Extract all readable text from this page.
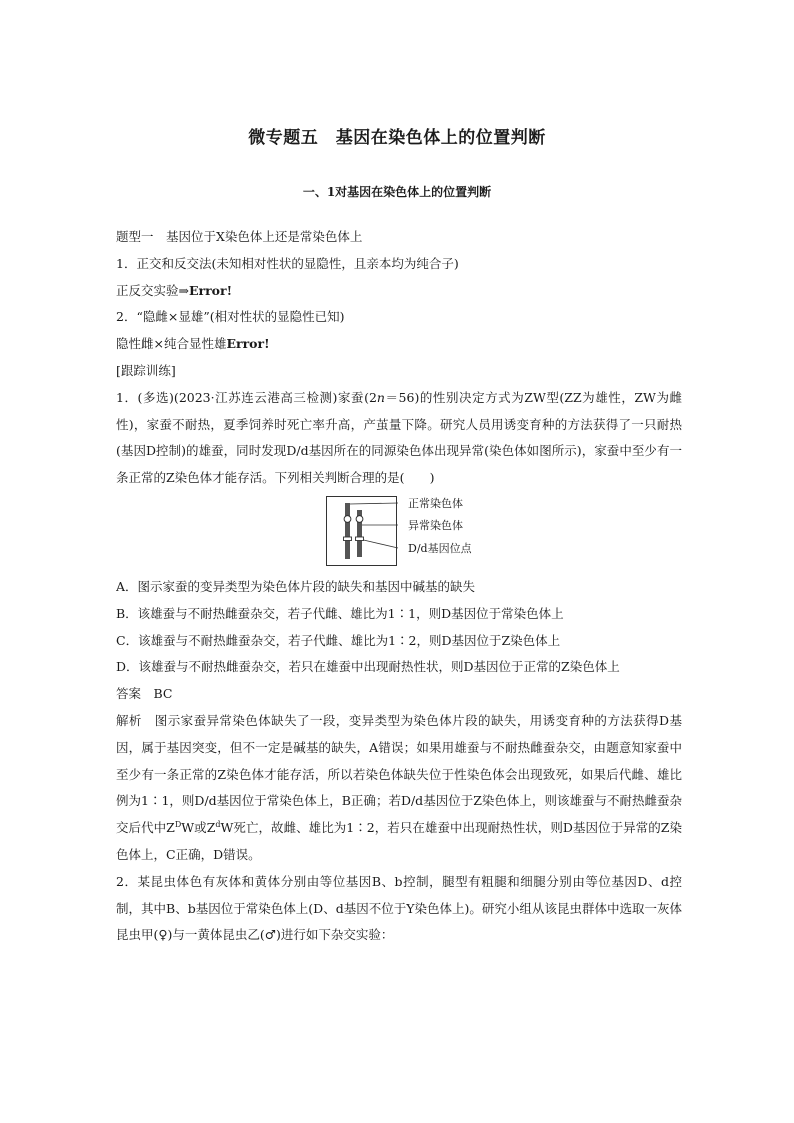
微专题五　基因在染色体上的位置判断
一、1对基因在染色体上的位置判断
题型一　基因位于X染色体上还是常染色体上
1．正交和反交法(未知相对性状的显隐性，且亲本均为纯合子)
正反交实验⇒Error!
2．“隐雌×显雄”(相对性状的显隐性已知)
隐性雌×纯合显性雄Error!
[跟踪训练]
1．(多选)(2023·江苏连云港高三检测)家蚕(2n＝56)的性别决定方式为ZW型(ZZ为雄性，ZW为雌性)，家蚕不耐热，夏季饲养时死亡率升高，产茧量下降。研究人员用诱变育种的方法获得了一只耐热(基因D控制)的雄蚕，同时发现D/d基因所在的同源染色体出现异常(染色体如图所示)，家蚕中至少有一条正常的Z染色体才能存活。下列相关判断合理的是(　　)
正常染色体
异常染色体
D/d基因位点
A．图示家蚕的变异类型为染色体片段的缺失和基因中碱基的缺失
B．该雄蚕与不耐热雌蚕杂交，若子代雌、雄比为1∶1，则D基因位于常染色体上
C．该雄蚕与不耐热雌蚕杂交，若子代雌、雄比为1∶2，则D基因位于Z染色体上
D．该雄蚕与不耐热雌蚕杂交，若只在雄蚕中出现耐热性状，则D基因位于正常的Z染色体上
答案　BC
解析　图示家蚕异常染色体缺失了一段，变异类型为染色体片段的缺失，用诱变育种的方法获得D基因，属于基因突变，但不一定是碱基的缺失，A错误；如果用雄蚕与不耐热雌蚕杂交，由题意知家蚕中至少有一条正常的Z染色体才能存活，所以若染色体缺失位于性染色体会出现致死，如果后代雌、雄比例为1∶1，则D/d基因位于常染色体上，B正确；若D/d基因位于Z染色体上，则该雄蚕与不耐热雌蚕杂交后代中$Z^DW$或$Z^dW$死亡，故雌、雄比为1∶2，若只在雄蚕中出现耐热性状，则D基因位于异常的Z染色体上，C正确，D错误。
2．某昆虫体色有灰体和黄体分别由等位基因B、b控制，腿型有粗腿和细腿分别由等位基因D、d控制，其中B、b基因位于常染色体上(D、d基因不位于Y染色体上)。研究小组从该昆虫群体中选取一灰体昆虫甲(♀)与一黄体昆虫乙(♂)进行如下杂交实验：
